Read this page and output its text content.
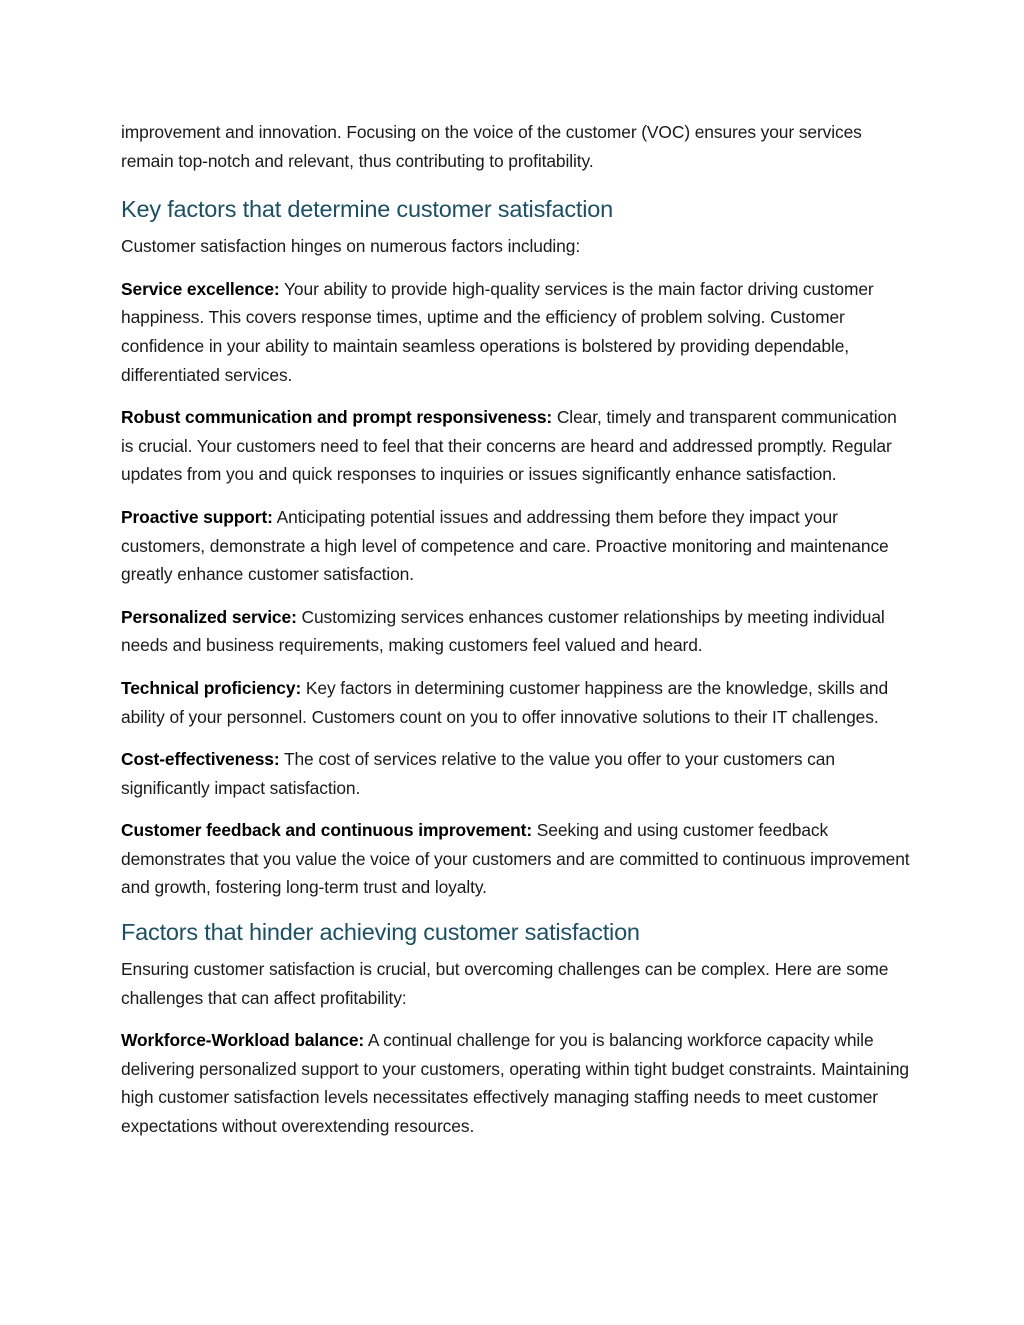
improvement and innovation. Focusing on the voice of the customer (VOC) ensures your services remain top-notch and relevant, thus contributing to profitability.

Key factors that determine customer satisfaction

Customer satisfaction hinges on numerous factors including:

Service excellence: Your ability to provide high-quality services is the main factor driving customer happiness. This covers response times, uptime and the efficiency of problem solving. Customer confidence in your ability to maintain seamless operations is bolstered by providing dependable, differentiated services.

Robust communication and prompt responsiveness: Clear, timely and transparent communication is crucial. Your customers need to feel that their concerns are heard and addressed promptly. Regular updates from you and quick responses to inquiries or issues significantly enhance satisfaction.

Proactive support: Anticipating potential issues and addressing them before they impact your customers, demonstrate a high level of competence and care. Proactive monitoring and maintenance greatly enhance customer satisfaction.

Personalized service: Customizing services enhances customer relationships by meeting individual needs and business requirements, making customers feel valued and heard.

Technical proficiency: Key factors in determining customer happiness are the knowledge, skills and ability of your personnel. Customers count on you to offer innovative solutions to their IT challenges.

Cost-effectiveness: The cost of services relative to the value you offer to your customers can significantly impact satisfaction.

Customer feedback and continuous improvement: Seeking and using customer feedback demonstrates that you value the voice of your customers and are committed to continuous improvement and growth, fostering long-term trust and loyalty.

Factors that hinder achieving customer satisfaction

Ensuring customer satisfaction is crucial, but overcoming challenges can be complex. Here are some challenges that can affect profitability:

Workforce-Workload balance: A continual challenge for you is balancing workforce capacity while delivering personalized support to your customers, operating within tight budget constraints. Maintaining high customer satisfaction levels necessitates effectively managing staffing needs to meet customer expectations without overextending resources.
